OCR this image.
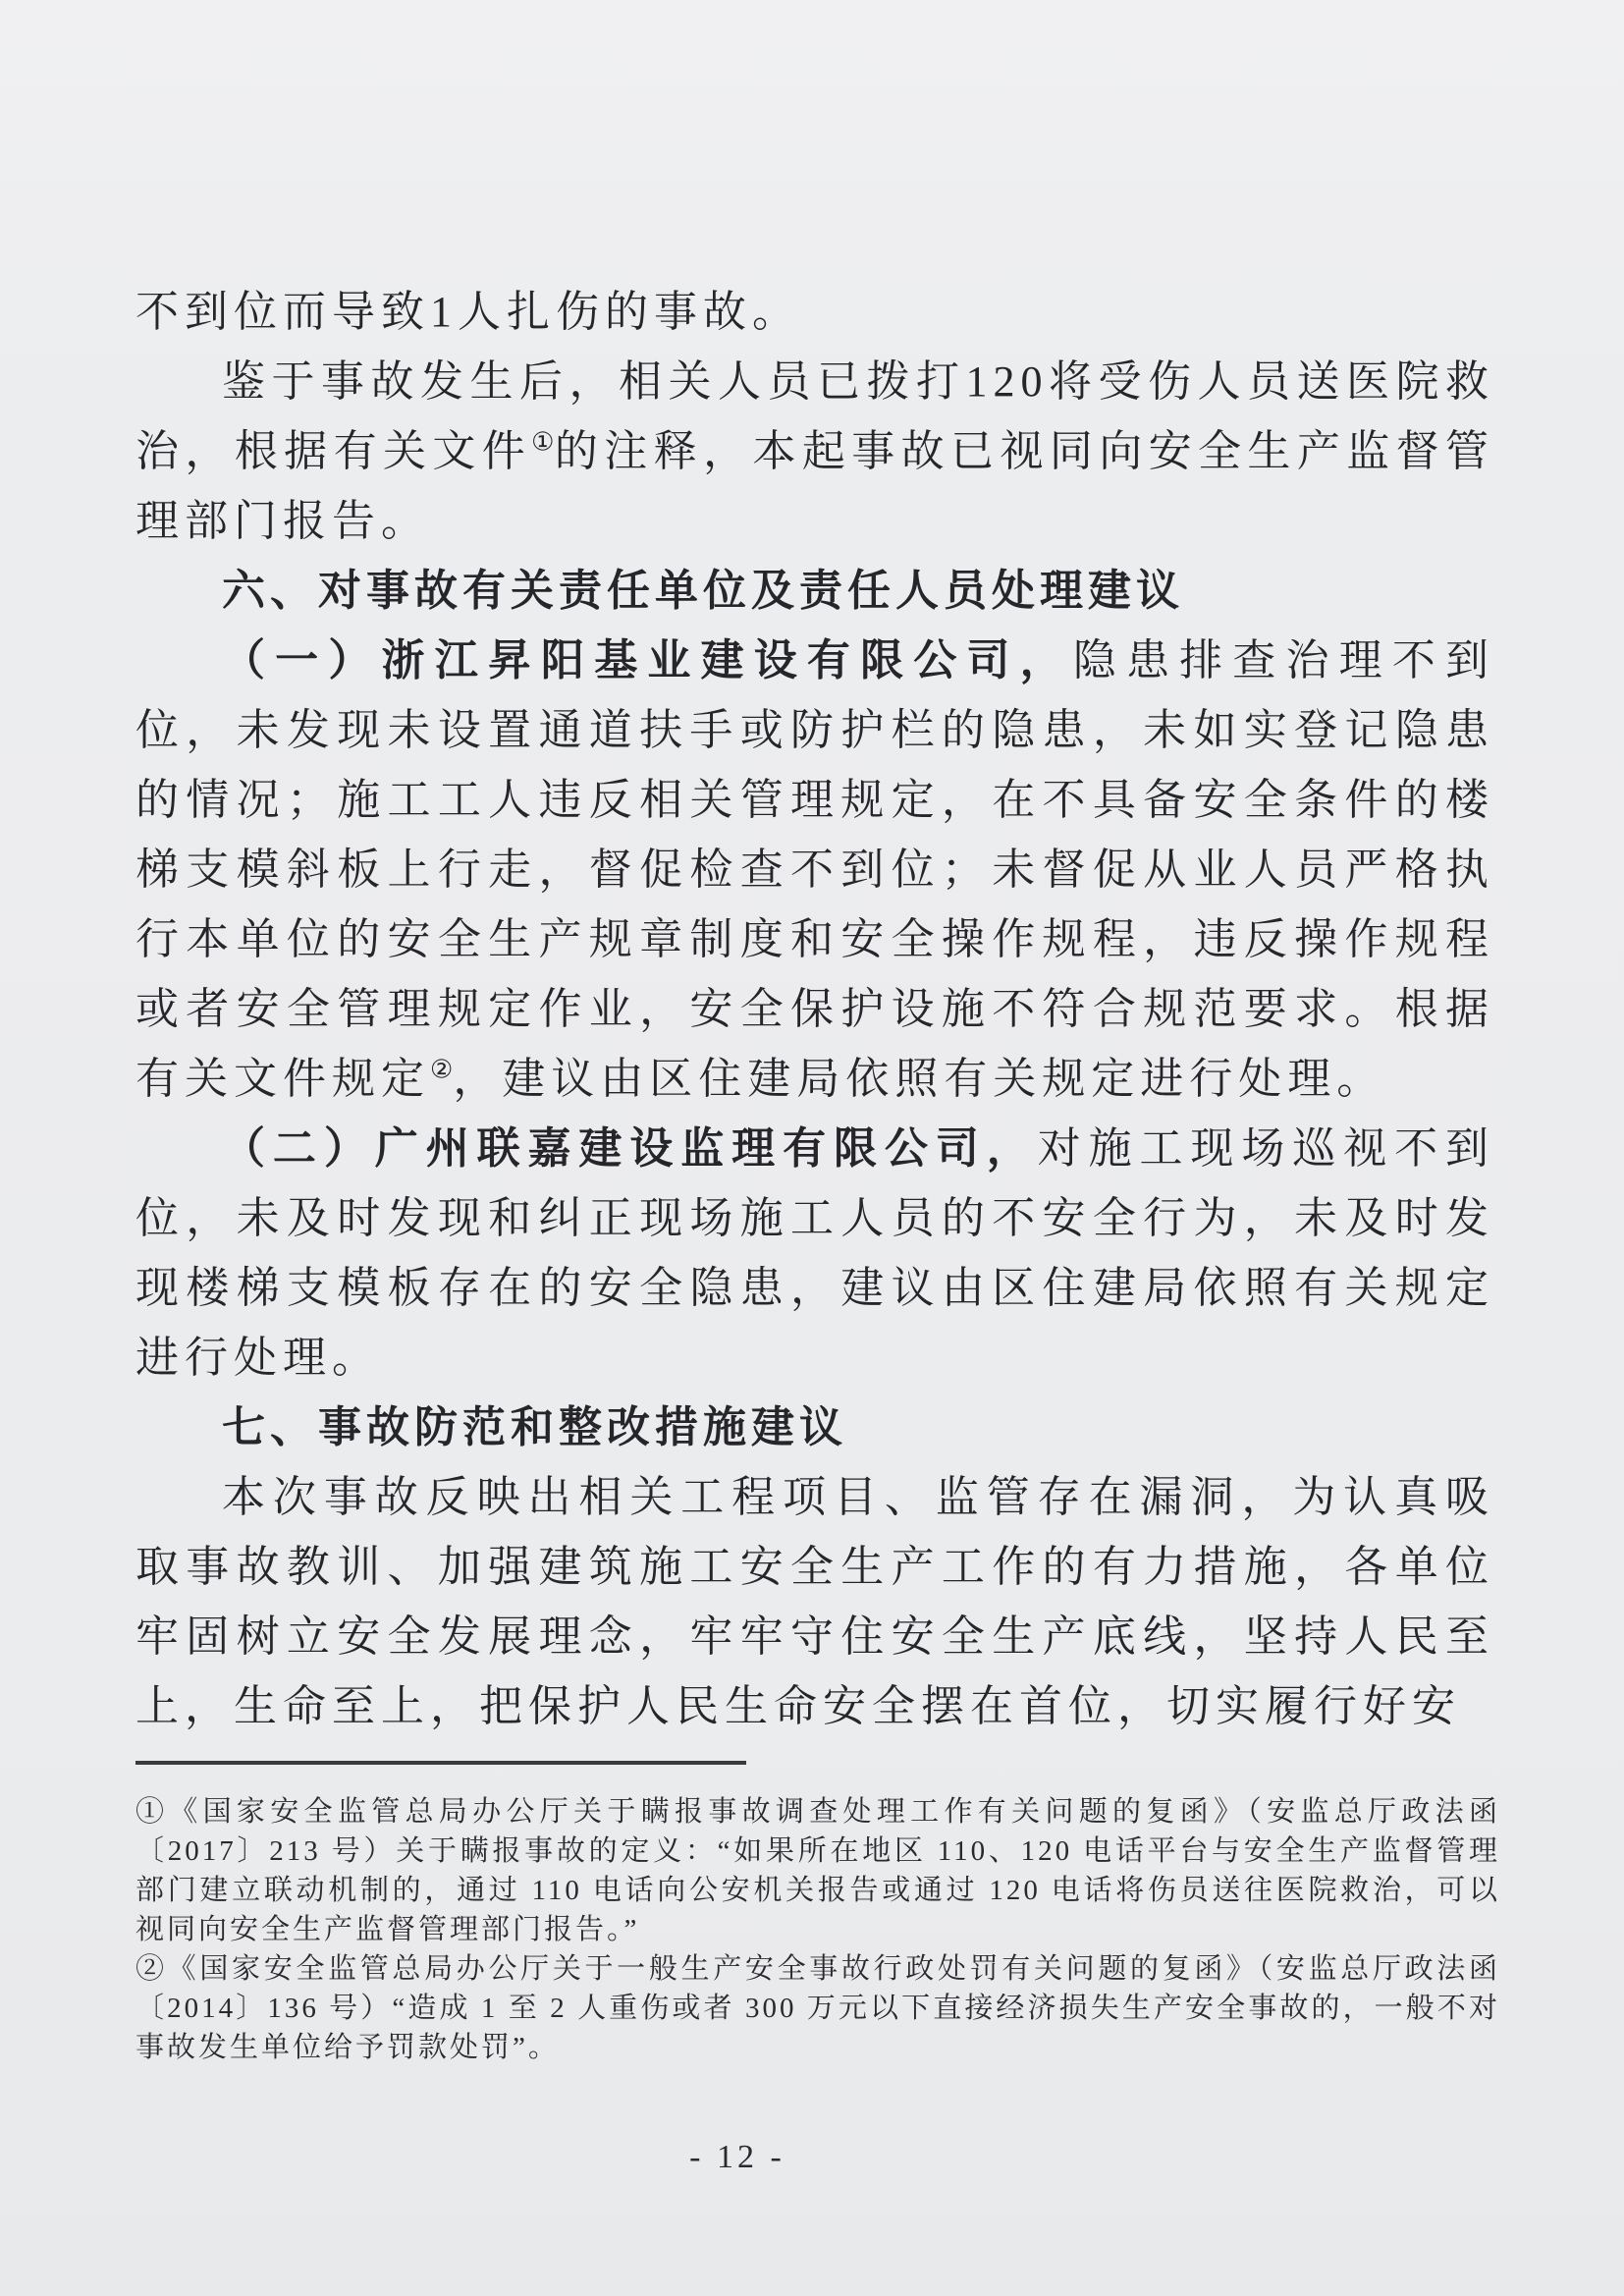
不到位而导致1人扎伤的事故。

鉴于事故发生后，相关人员已拨打120将受伤人员送医院救治，根据有关文件①的注释，本起事故已视同向安全生产监督管理部门报告。

六、对事故有关责任单位及责任人员处理建议

（一）浙江昇阳基业建设有限公司，隐患排查治理不到位，未发现未设置通道扶手或防护栏的隐患，未如实登记隐患的情况；施工工人违反相关管理规定，在不具备安全条件的楼梯支模斜板上行走，督促检查不到位；未督促从业人员严格执行本单位的安全生产规章制度和安全操作规程，违反操作规程或者安全管理规定作业，安全保护设施不符合规范要求。根据有关文件规定②，建议由区住建局依照有关规定进行处理。

（二）广州联嘉建设监理有限公司，对施工现场巡视不到位，未及时发现和纠正现场施工人员的不安全行为，未及时发现楼梯支模板存在的安全隐患，建议由区住建局依照有关规定进行处理。

七、事故防范和整改措施建议

本次事故反映出相关工程项目、监管存在漏洞，为认真吸取事故教训、加强建筑施工安全生产工作的有力措施，各单位牢固树立安全发展理念，牢牢守住安全生产底线，坚持人民至上，生命至上，把保护人民生命安全摆在首位，切实履行好安

①《国家安全监管总局办公厅关于瞒报事故调查处理工作有关问题的复函》（安监总厅政法函〔2017〕213 号）关于瞒报事故的定义：“如果所在地区 110、120 电话平台与安全生产监督管理部门建立联动机制的，通过 110 电话向公安机关报告或通过 120 电话将伤员送往医院救治，可以视同向安全生产监督管理部门报告。”

②《国家安全监管总局办公厅关于一般生产安全事故行政处罚有关问题的复函》（安监总厅政法函〔2014〕136 号）“造成 1 至 2 人重伤或者 300 万元以下直接经济损失生产安全事故的，一般不对事故发生单位给予罚款处罚”。

- 12 -
